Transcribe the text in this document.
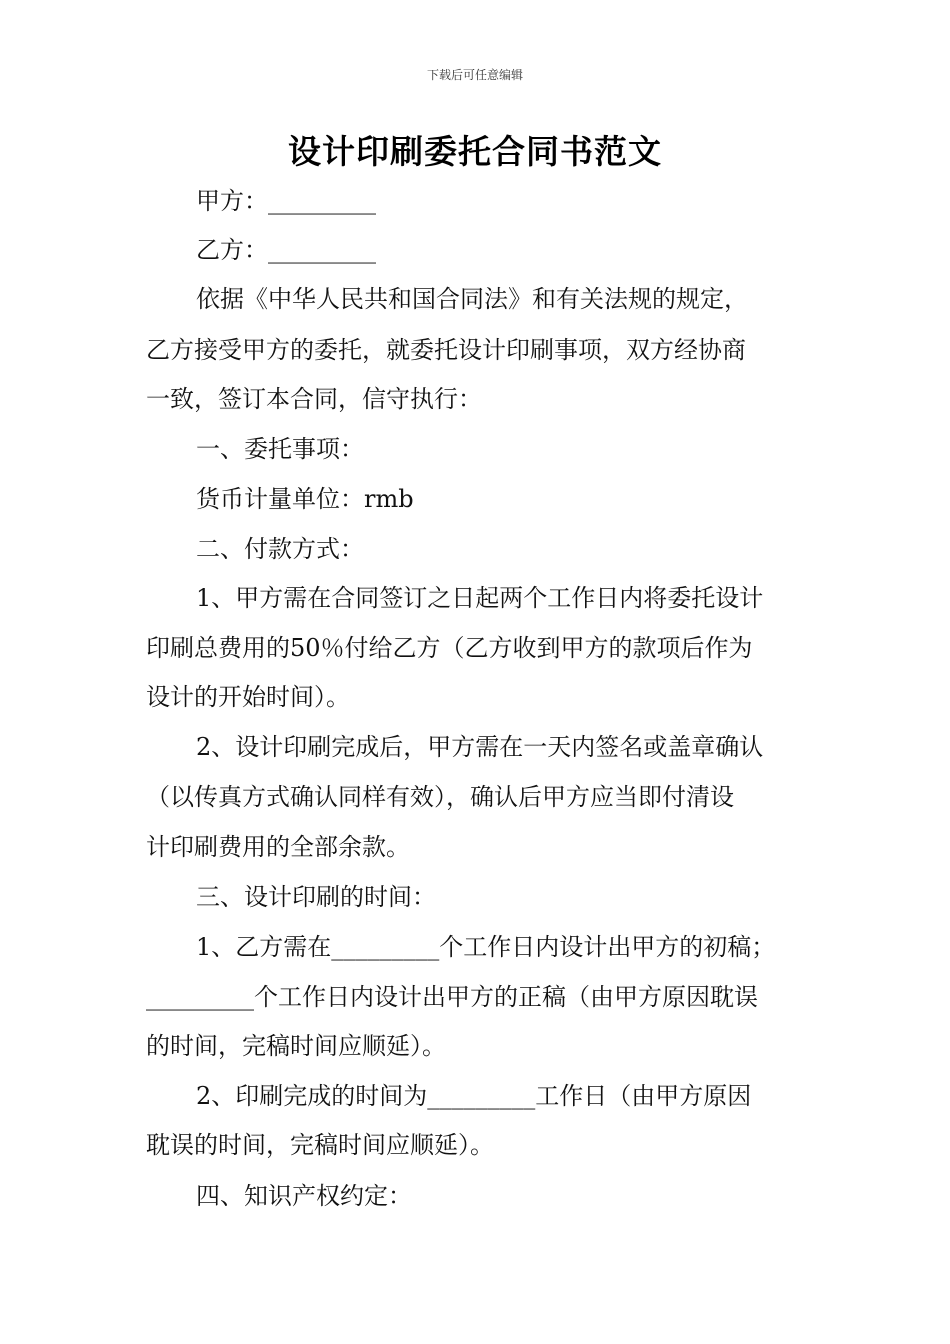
下载后可任意编辑
设计印刷委托合同书范文
甲方：_________
乙方：_________
依据《中华人民共和国合同法》和有关法规的规定，
乙方接受甲方的委托，就委托设计印刷事项，双方经协商
一致，签订本合同，信守执行：
一、委托事项：
货币计量单位：rmb
二、付款方式：
1、甲方需在合同签订之日起两个工作日内将委托设计
印刷总费用的50％付给乙方（乙方收到甲方的款项后作为
设计的开始时间）。
2、设计印刷完成后，甲方需在一天内签名或盖章确认
（以传真方式确认同样有效），确认后甲方应当即付清设
计印刷费用的全部余款。
三、设计印刷的时间：
1、乙方需在_________个工作日内设计出甲方的初稿；
_________个工作日内设计出甲方的正稿（由甲方原因耽误
的时间，完稿时间应顺延）。
2、印刷完成的时间为_________工作日（由甲方原因
耽误的时间，完稿时间应顺延）。
四、知识产权约定：
